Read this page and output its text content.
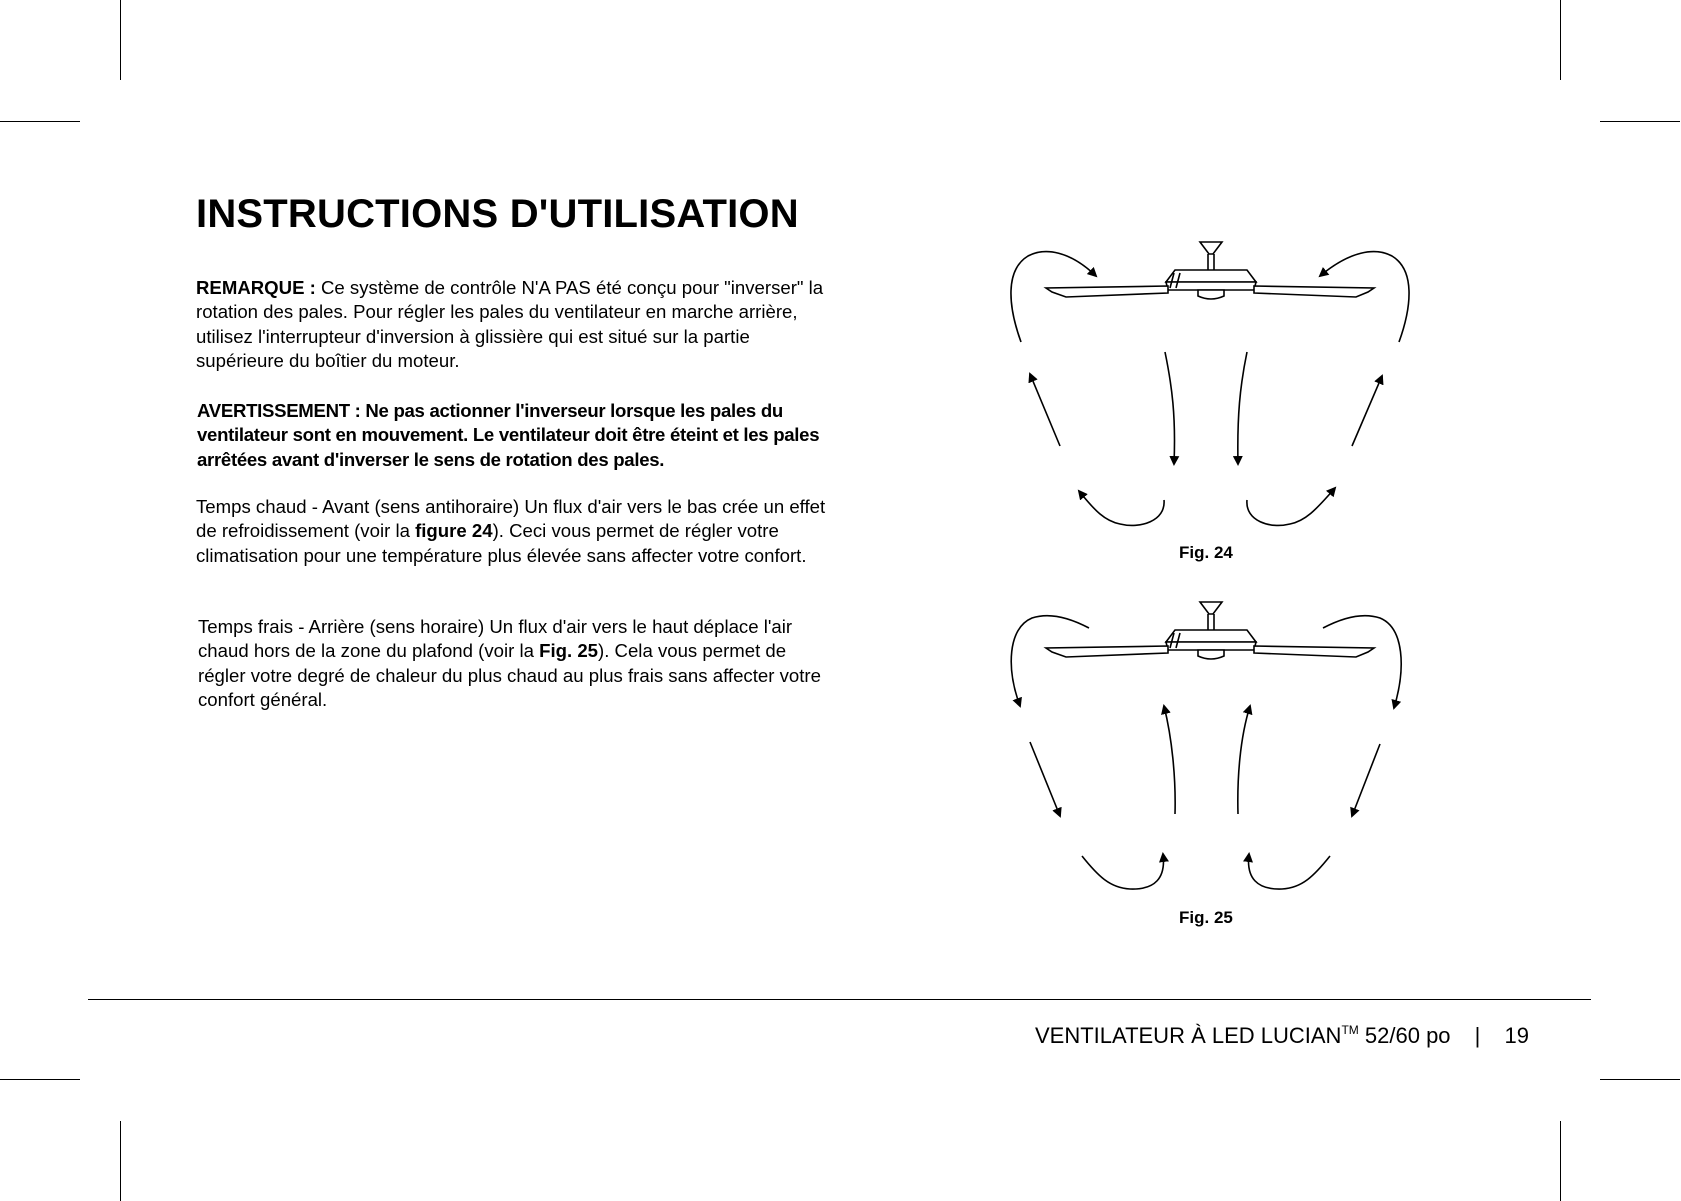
INSTRUCTIONS D'UTILISATION

REMARQUE : Ce système de contrôle N'A PAS été conçu pour "inverser" la rotation des pales. Pour régler les pales du ventilateur en marche arrière, utilisez l'interrupteur d'inversion à glissière qui est situé sur la partie supérieure du boîtier du moteur.

AVERTISSEMENT : Ne pas actionner l'inverseur lorsque les pales du ventilateur sont en mouvement. Le ventilateur doit être éteint et les pales arrêtées avant d'inverser le sens de rotation des pales.

Temps chaud - Avant (sens antihoraire) Un flux d'air vers le bas crée un effet de refroidissement (voir la figure 24). Ceci vous permet de régler votre climatisation pour une température plus élevée sans affecter votre confort.

Temps frais - Arrière (sens horaire) Un flux d'air vers le haut déplace l'air chaud hors de la zone du plafond (voir la Fig. 25). Cela vous permet de régler votre degré de chaleur du plus chaud au plus frais sans affecter votre confort général.

Fig. 24
Fig. 25
VENTILATEUR À LED LUCIAN™ 52/60 po | 19
